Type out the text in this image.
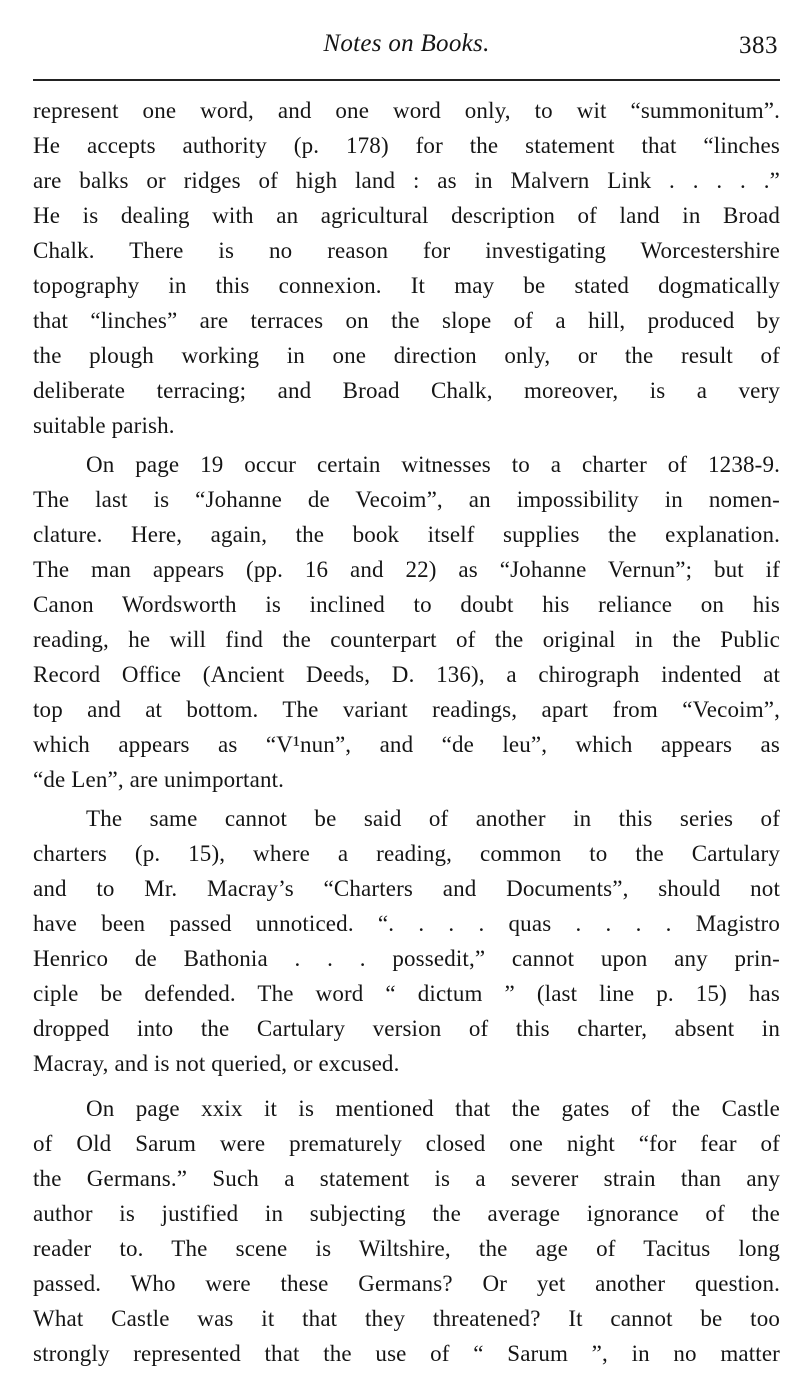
Notes on Books.	383
represent one word, and one word only, to wit “summonitum”.
He accepts authority (p. 178) for the statement that “linches
are balks or ridges of high land : as in Malvern Link . . . . .”
He is dealing with an agricultural description of land in Broad
Chalk. There is no reason for investigating Worcestershire
topography in this connexion. It may be stated dogmatically
that “linches” are terraces on the slope of a hill, produced by
the plough working in one direction only, or the result of
deliberate terracing; and Broad Chalk, moreover, is a very
suitable parish.
On page 19 occur certain witnesses to a charter of 1238-9.
The last is “Johanne de Vecoim”, an impossibility in nomen-
clature. Here, again, the book itself supplies the explanation.
The man appears (pp. 16 and 22) as “Johanne Vernun”; but if
Canon Wordsworth is inclined to doubt his reliance on his
reading, he will find the counterpart of the original in the Public
Record Office (Ancient Deeds, D. 136), a chirograph indented at
top and at bottom. The variant readings, apart from “Vecoim”,
which appears as “V¹nun”, and “de leu”, which appears as
“de Len”, are unimportant.
The same cannot be said of another in this series of
charters (p. 15), where a reading, common to the Cartulary
and to Mr. Macray’s “Charters and Documents”, should not
have been passed unnoticed. “. . . . quas . . . . Magistro
Henrico de Bathonia . . . possedit,” cannot upon any prin-
ciple be defended. The word “ dictum ” (last line p. 15) has
dropped into the Cartulary version of this charter, absent in
Macray, and is not queried, or excused.
On page xxix it is mentioned that the gates of the Castle
of Old Sarum were prematurely closed one night “for fear of
the Germans.” Such a statement is a severer strain than any
author is justified in subjecting the average ignorance of the
reader to. The scene is Wiltshire, the age of Tacitus long
passed. Who were these Germans? Or yet another question.
What Castle was it that they threatened? It cannot be too
strongly represented that the use of “ Sarum ”, in no matter
